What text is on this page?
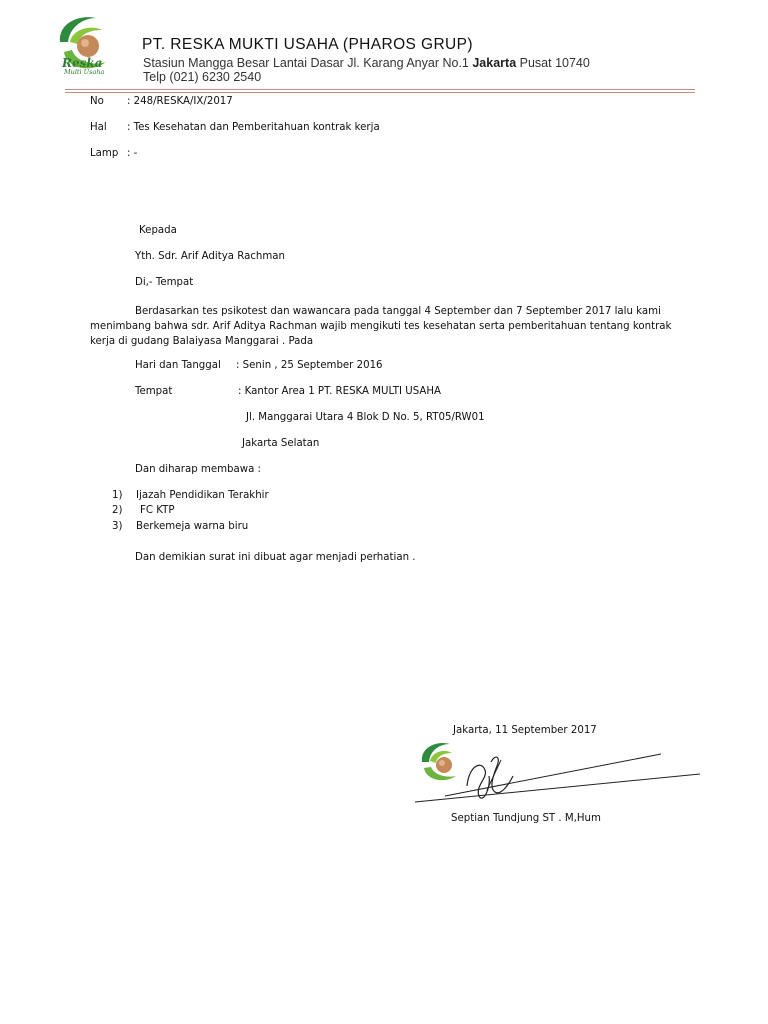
Reska
Multi Usaha
PT. RESKA MUKTI USAHA (PHAROS GRUP)
Stasiun Mangga Besar Lantai Dasar Jl. Karang Anyar No.1 Jakarta Pusat 10740
Telp (021) 6230 2540
No : 248/RESKA/IX/2017
Hal : Tes Kesehatan dan Pemberitahuan kontrak kerja
Lamp : -
Kepada
Yth. Sdr. Arif Aditya Rachman
Di,- Tempat
Berdasarkan tes psikotest dan wawancara pada tanggal 4 September dan 7 September 2017 lalu kami menimbang bahwa sdr. Arif Aditya Rachman wajib mengikuti tes kesehatan serta pemberitahuan tentang kontrak kerja di gudang Balaiyasa Manggarai . Pada
Hari dan Tanggal : Senin , 25 September 2016
Tempat	: Kantor Area 1 PT. RESKA MULTI USAHA
Jl. Manggarai Utara 4 Blok D No. 5, RT05/RW01
Jakarta Selatan
Dan diharap membawa :
1) Ijazah Pendidikan Terakhir
2) FC KTP
3) Berkemeja warna biru
Dan demikian surat ini dibuat agar menjadi perhatian .
Jakarta, 11 September 2017
Septian Tundjung ST . M,Hum
